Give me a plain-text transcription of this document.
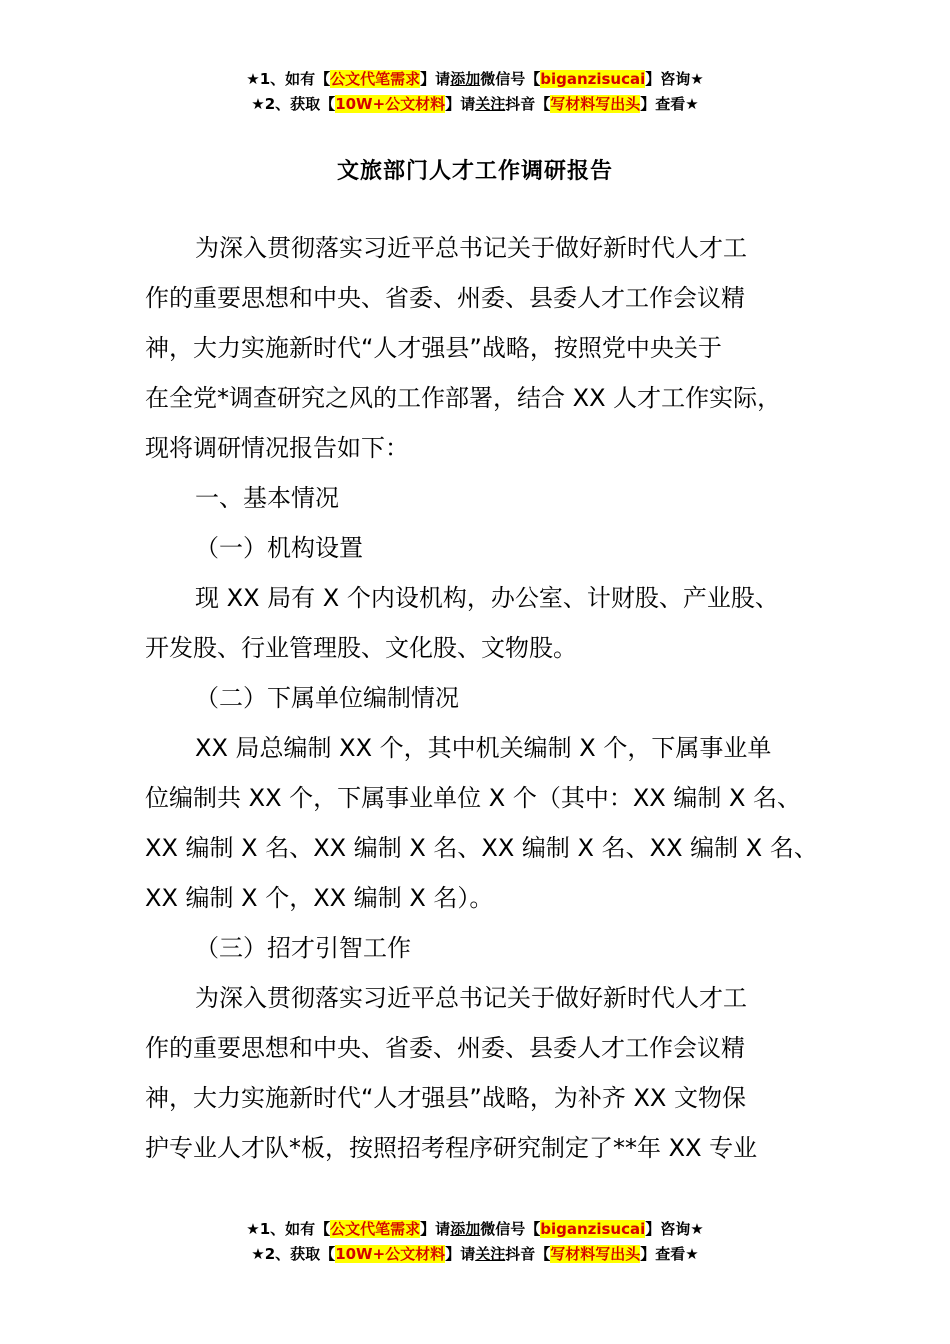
★1、如有【公文代笔需求】请添加微信号【biganzisucai】咨询★
★2、获取【10W+公文材料】请关注抖音【写材料写出头】查看★
文旅部门人才工作调研报告

为深入贯彻落实习近平总书记关于做好新时代人才工
作的重要思想和中央、省委、州委、县委人才工作会议精
神，大力实施新时代“人才强县”战略，按照党中央关于
在全党*调查研究之风的工作部署，结合 XX 人才工作实际，
现将调研情况报告如下：

一、基本情况

（一）机构设置

现 XX 局有 X 个内设机构，办公室、计财股、产业股、
开发股、行业管理股、文化股、文物股。

（二）下属单位编制情况

XX 局总编制 XX 个，其中机关编制 X 个，下属事业单
位编制共 XX 个，下属事业单位 X 个（其中：XX 编制 X 名、
XX 编制 X 名、XX 编制 X 名、XX 编制 X 名、XX 编制 X 名、
XX 编制 X 个，XX 编制 X 名）。

（三）招才引智工作

为深入贯彻落实习近平总书记关于做好新时代人才工
作的重要思想和中央、省委、州委、县委人才工作会议精
神，大力实施新时代“人才强县”战略，为补齐 XX 文物保
护专业人才队*板，按照招考程序研究制定了**年 XX 专业

★1、如有【公文代笔需求】请添加微信号【biganzisucai】咨询★
★2、获取【10W+公文材料】请关注抖音【写材料写出头】查看★
